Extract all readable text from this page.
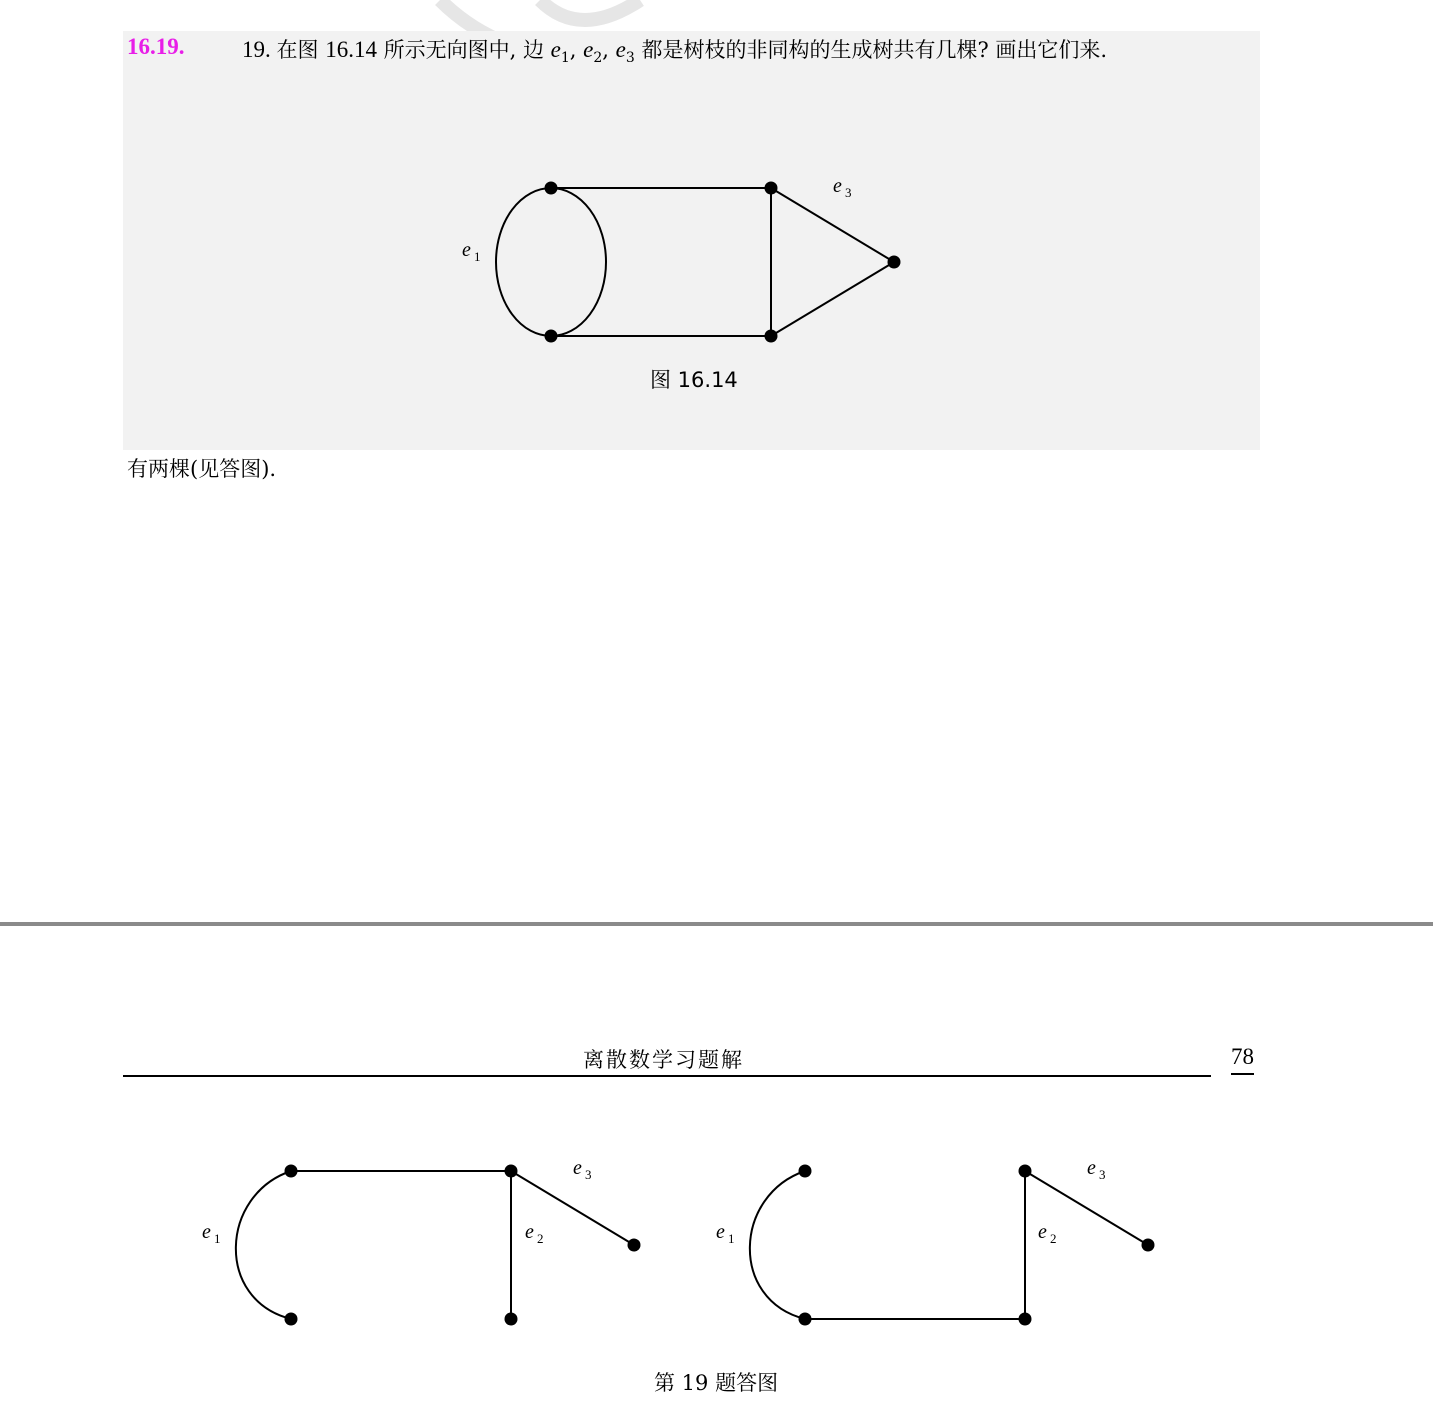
16.19.	19. 在图 16.14 所示无向图中, 边 $e_1$, $e_2$, $e_3$ 都是树枝的非同构的生成树共有几棵? 画出它们来.
e 1
e 3
图 16.14
有两棵(见答图).
离散数学习题解	78
e 1	e 2
e 3
e 1	e 2
e 3
第 19 题答图
